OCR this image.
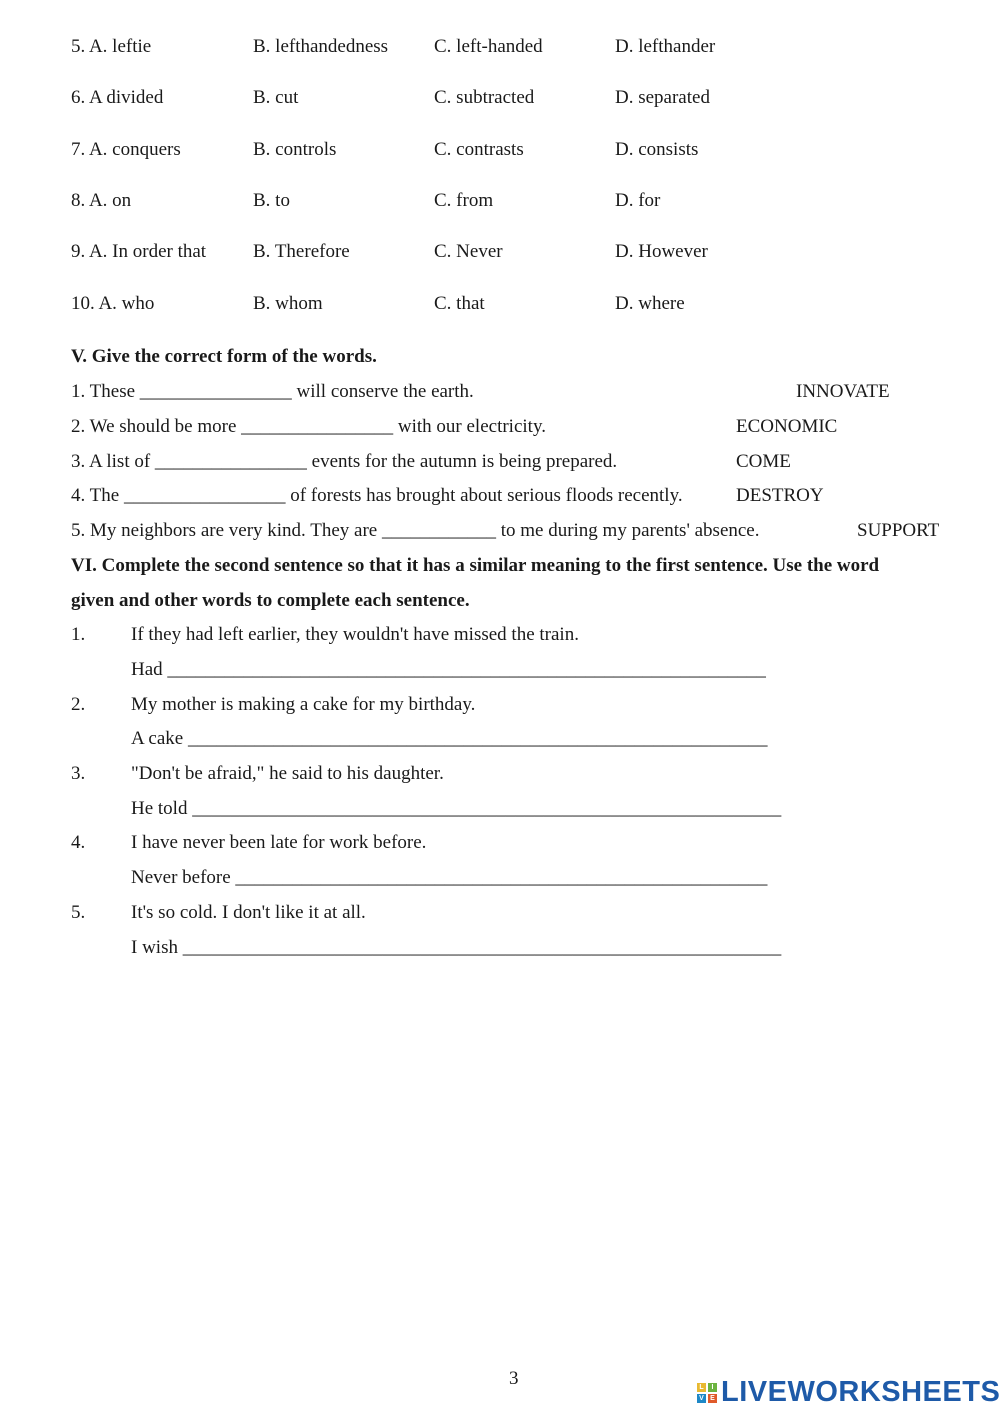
5. A. leftie	B. lefthandedness C. left-handed	D. lefthander
6. A divided	B. cut	C. subtracted	D. separated
7. A. conquers	B. controls	C. contrasts	D. consists
8. A. on	B. to	C. from	D. for
9. A. In order that B. Therefore	C. Never	D. However
10. A. who	B. whom	C. that	D. where
V. Give the correct form of the words.
1. These ________________ will conserve the earth.	INNOVATE
2. We should be more ________________ with our electricity.	ECONOMIC
3. A list of ________________ events for the autumn is being prepared.	COME
4. The _________________ of forests has brought about serious floods recently.	DESTROY
5. My neighbors are very kind. They are ____________ to me during my parents' absence.	SUPPORT
VI. Complete the second sentence so that it has a similar meaning to the first sentence. Use the word
given and other words to complete each sentence.
1. If they had left earlier, they wouldn't have missed the train.
Had _______________________________________________________________
2. My mother is making a cake for my birthday.
A cake _____________________________________________________________
3. "Don't be afraid," he said to his daughter.
He told ______________________________________________________________
4. I have never been late for work before.
Never before ________________________________________________________
5. It's so cold. I don't like it at all.
I wish _______________________________________________________________
3	L	I
V E LIVEWORKSHEETS
